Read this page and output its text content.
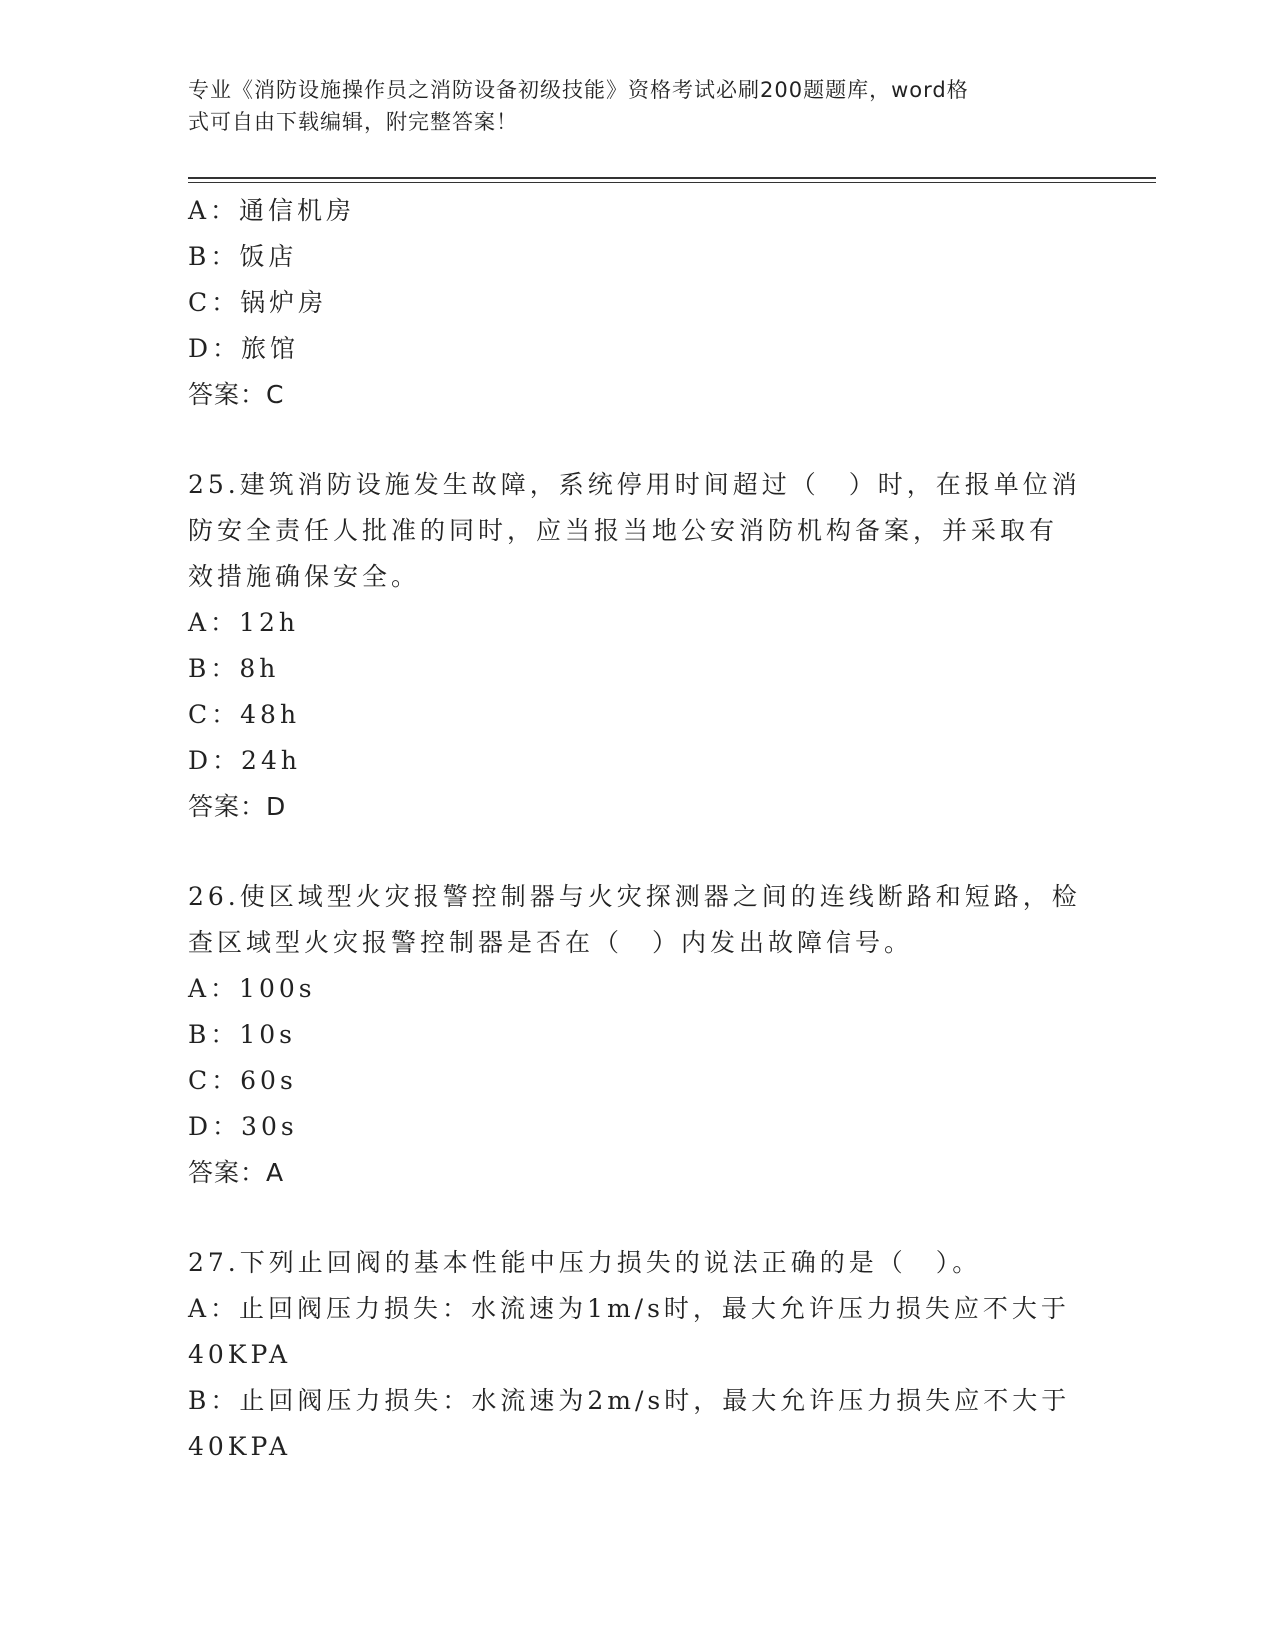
专业《消防设施操作员之消防设备初级技能》资格考试必刷200题题库，word格
式可自由下载编辑，附完整答案！
A：通信机房
B：饭店
C：锅炉房
D：旅馆
答案：C
25.建筑消防设施发生故障，系统停用时间超过（　）时，在报单位消
防安全责任人批准的同时，应当报当地公安消防机构备案，并采取有
效措施确保安全。
A：12h
B：8h
C：48h
D：24h
答案：D
26.使区域型火灾报警控制器与火灾探测器之间的连线断路和短路，检
查区域型火灾报警控制器是否在（　）内发出故障信号。
A：100s
B：10s
C：60s
D：30s
答案：A
27.下列止回阀的基本性能中压力损失的说法正确的是（　）。
A：止回阀压力损失：水流速为1m/s时，最大允许压力损失应不大于
40KPA
B：止回阀压力损失：水流速为2m/s时，最大允许压力损失应不大于
40KPA
